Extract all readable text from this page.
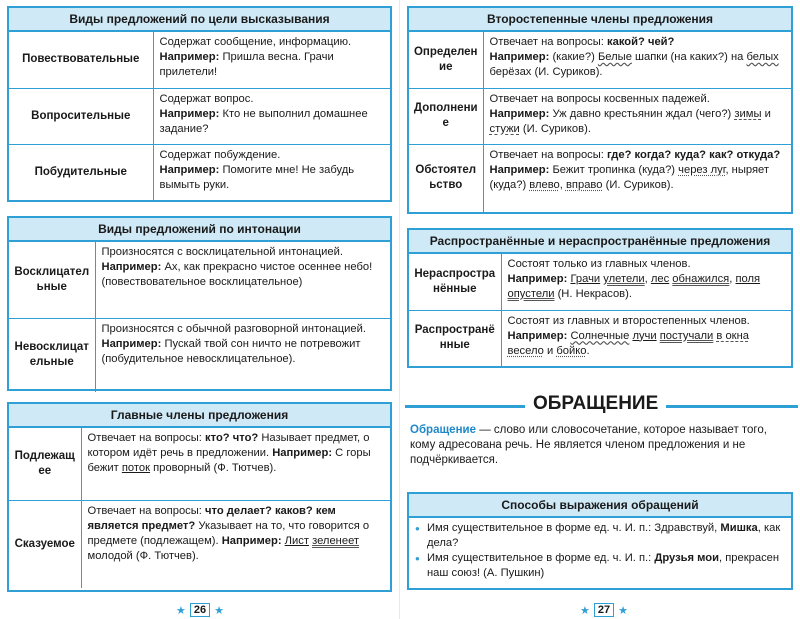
Виды предложений по цели высказывания
Повествовательные	Содержат сообщение, информацию.
Например: Пришла весна. Грачи прилетели!
Вопросительные	Содержат вопрос.
Например: Кто не выполнил домашнее задание?
Побудительные	Содержат побуждение.
Например: Помогите мне! Не забудь вымыть руки.
Виды предложений по интонации
Восклицательные	Произносятся с восклицательной интонацией. Например: Ах, как прекрасно чистое осеннее небо! (повествовательное восклицательное)
Невосклицательные	Произносятся с обычной разговорной интонацией. Например: Пускай твой сон ничто не потревожит (побудительное невосклицательное).
Главные члены предложения
Подлежащее	Отвечает на вопросы: кто? что? Называет предмет, о котором идёт речь в предложении. Например: С горы бежит поток проворный (Ф. Тютчев).
Сказуемое	Отвечает на вопросы: что делает? каков? кем является предмет? Указывает на то, что говорится о предмете (подлежащем). Например: Лист зеленеет молодой (Ф. Тютчев).
★ 26 ★
Второстепенные члены предложения
Определение	Отвечает на вопросы: какой? чей?
Например: (какие?) Белые шапки (на каких?) на белых берёзах (И. Суриков).
Дополнение	Отвечает на вопросы косвенных падежей.
Например: Уж давно крестьянин ждал (чего?) зимы и стужи (И. Суриков).
Обстоятельство	Отвечает на вопросы: где? когда? куда? как? откуда?
Например: Бежит тропинка (куда?) через луг, ныряет (куда?) влево, вправо (И. Суриков).
Распространённые и нераспространённые предложения
Нераспространённые	Состоят только из главных членов.
Например: Грачи улетели, лес обнажился, поля опустели (Н. Некрасов).
Распространённые	Состоят из главных и второстепенных членов.
Например: Солнечные лучи постучали в окна весело и бойко.
ОБРАЩЕНИЕ
Обращение — слово или словосочетание, которое называет того, кому адресована речь. Не является членом предложения и не подчёркивается.
Способы выражения обращений
● Имя существительное в форме ед. ч. И. п.: Здравствуй, Мишка, как дела?
● Имя существительное в форме ед. ч. И. п.: Друзья мои, прекрасен наш союз! (А. Пушкин)
★ 27 ★
